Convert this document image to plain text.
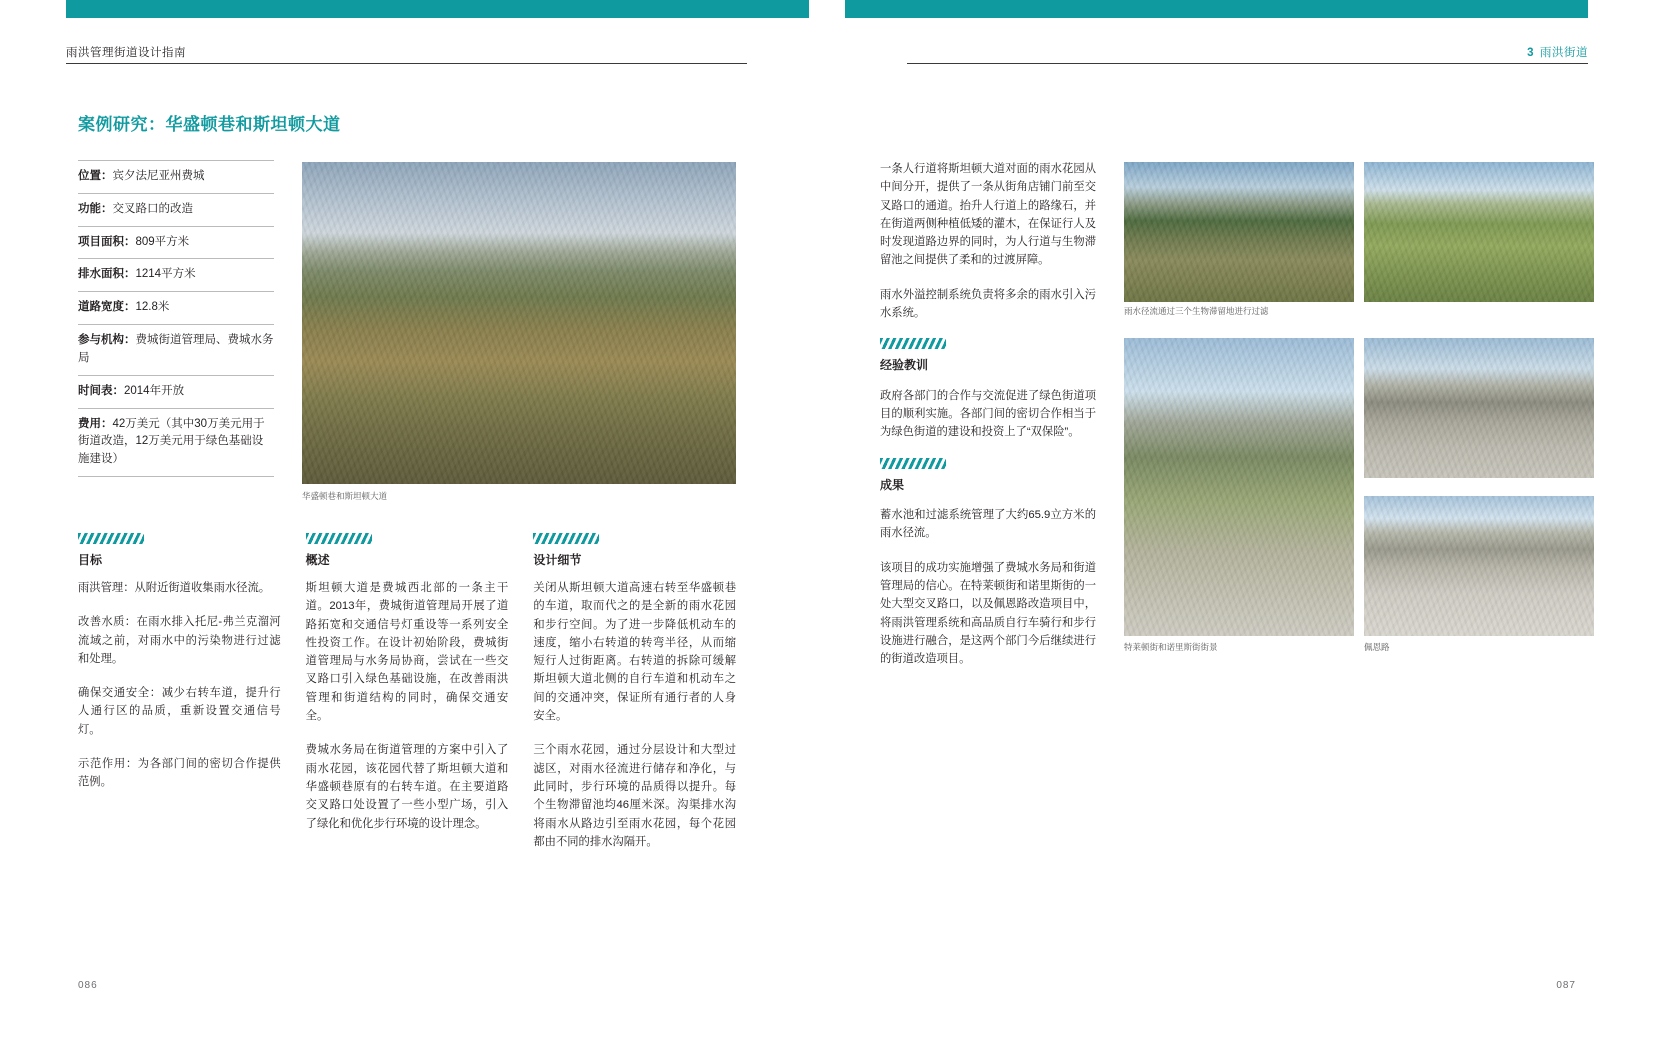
雨洪管理街道设计指南
案例研究：华盛顿巷和斯坦顿大道
位置：宾夕法尼亚州费城
功能：交叉路口的改造
项目面积：809平方米
排水面积：1214平方米
道路宽度：12.8米
参与机构：费城街道管理局、费城水务局
时间表：2014年开放
费用：42万美元（其中30万美元用于街道改造，12万美元用于绿色基础设施建设）
华盛顿巷和斯坦顿大道
目标

雨洪管理：从附近街道收集雨水径流。

改善水质：在雨水排入托尼-弗兰克溜河流域之前，对雨水中的污染物进行过滤和处理。

确保交通安全：减少右转车道，提升行人通行区的品质，重新设置交通信号灯。

示范作用：为各部门间的密切合作提供范例。

概述

斯坦顿大道是费城西北部的一条主干道。2013年，费城街道管理局开展了道路拓宽和交通信号灯重设等一系列安全性投资工作。在设计初始阶段，费城街道管理局与水务局协商，尝试在一些交叉路口引入绿色基础设施，在改善雨洪管理和街道结构的同时，确保交通安全。

费城水务局在街道管理的方案中引入了雨水花园，该花园代替了斯坦顿大道和华盛顿巷原有的右转车道。在主要道路交叉路口处设置了一些小型广场，引入了绿化和优化步行环境的设计理念。

设计细节

关闭从斯坦顿大道高速右转至华盛顿巷的车道，取而代之的是全新的雨水花园和步行空间。为了进一步降低机动车的速度，缩小右转道的转弯半径，从而缩短行人过街距离。右转道的拆除可缓解斯坦顿大道北侧的自行车道和机动车之间的交通冲突，保证所有通行者的人身安全。

三个雨水花园，通过分层设计和大型过滤区，对雨水径流进行储存和净化，与此同时，步行环境的品质得以提升。每个生物滞留池均46厘米深。沟渠排水沟将雨水从路边引至雨水花园，每个花园都由不同的排水沟隔开。

086
3 雨洪街道
087

一条人行道将斯坦顿大道对面的雨水花园从中间分开，提供了一条从街角店铺门前至交叉路口的通道。抬升人行道上的路缘石，并在街道两侧种植低矮的灌木，在保证行人及时发现道路边界的同时，为人行道与生物滞留池之间提供了柔和的过渡屏障。

雨水外溢控制系统负责将多余的雨水引入污水系统。

经验教训

政府各部门的合作与交流促进了绿色街道项目的顺利实施。各部门间的密切合作相当于为绿色街道的建设和投资上了“双保险”。

成果

蓄水池和过滤系统管理了大约65.9立方米的雨水径流。

该项目的成功实施增强了费城水务局和街道管理局的信心。在特莱顿街和诺里斯街的一处大型交叉路口，以及佩恩路改造项目中，将雨洪管理系统和高品质自行车骑行和步行设施进行融合，是这两个部门今后继续进行的街道改造项目。

雨水径流通过三个生物滞留地进行过滤
特莱顿街和诺里斯街街景	佩恩路
